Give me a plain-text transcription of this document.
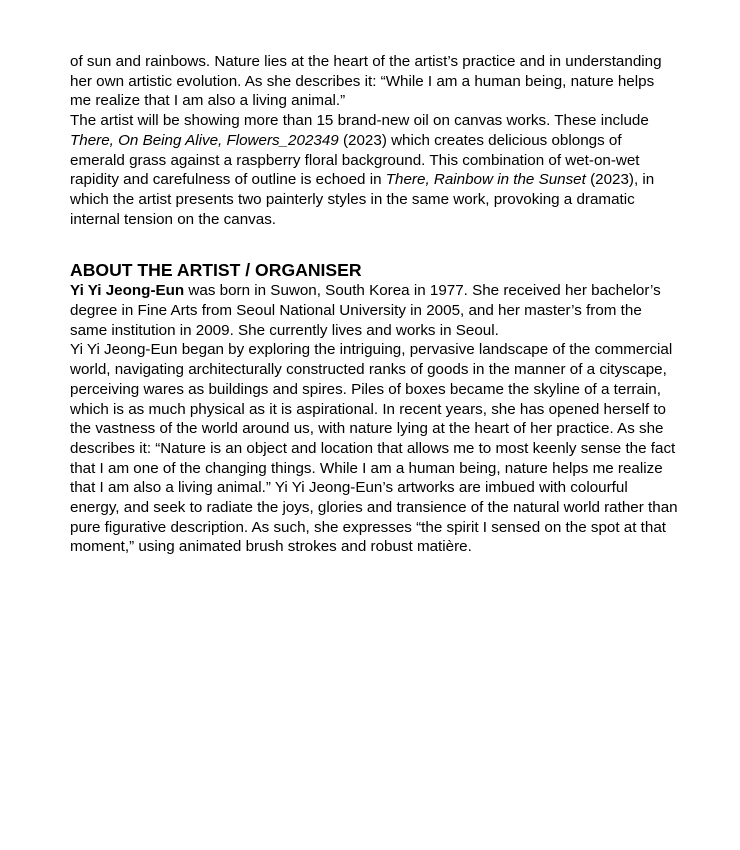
of sun and rainbows. Nature lies at the heart of the artist’s practice and in understanding her own artistic evolution. As she describes it: “While I am a human being, nature helps me realize that I am also a living animal.”

The artist will be showing more than 15 brand-new oil on canvas works. These include There, On Being Alive, Flowers_202349 (2023) which creates delicious oblongs of emerald grass against a raspberry floral background. This combination of wet-on-wet rapidity and carefulness of outline is echoed in There, Rainbow in the Sunset (2023), in which the artist presents two painterly styles in the same work, provoking a dramatic internal tension on the canvas.

ABOUT THE ARTIST / ORGANISER

Yi Yi Jeong-Eun was born in Suwon, South Korea in 1977. She received her bachelor’s degree in Fine Arts from Seoul National University in 2005, and her master’s from the same institution in 2009. She currently lives and works in Seoul.

Yi Yi Jeong-Eun began by exploring the intriguing, pervasive landscape of the commercial world, navigating architecturally constructed ranks of goods in the manner of a cityscape, perceiving wares as buildings and spires. Piles of boxes became the skyline of a terrain, which is as much physical as it is aspirational. In recent years, she has opened herself to the vastness of the world around us, with nature lying at the heart of her practice. As she describes it: “Nature is an object and location that allows me to most keenly sense the fact that I am one of the changing things. While I am a human being, nature helps me realize that I am also a living animal.” Yi Yi Jeong-Eun’s artworks are imbued with colourful energy, and seek to radiate the joys, glories and transience of the natural world rather than pure figurative description. As such, she expresses “the spirit I sensed on the spot at that moment,” using animated brush strokes and robust matière.
